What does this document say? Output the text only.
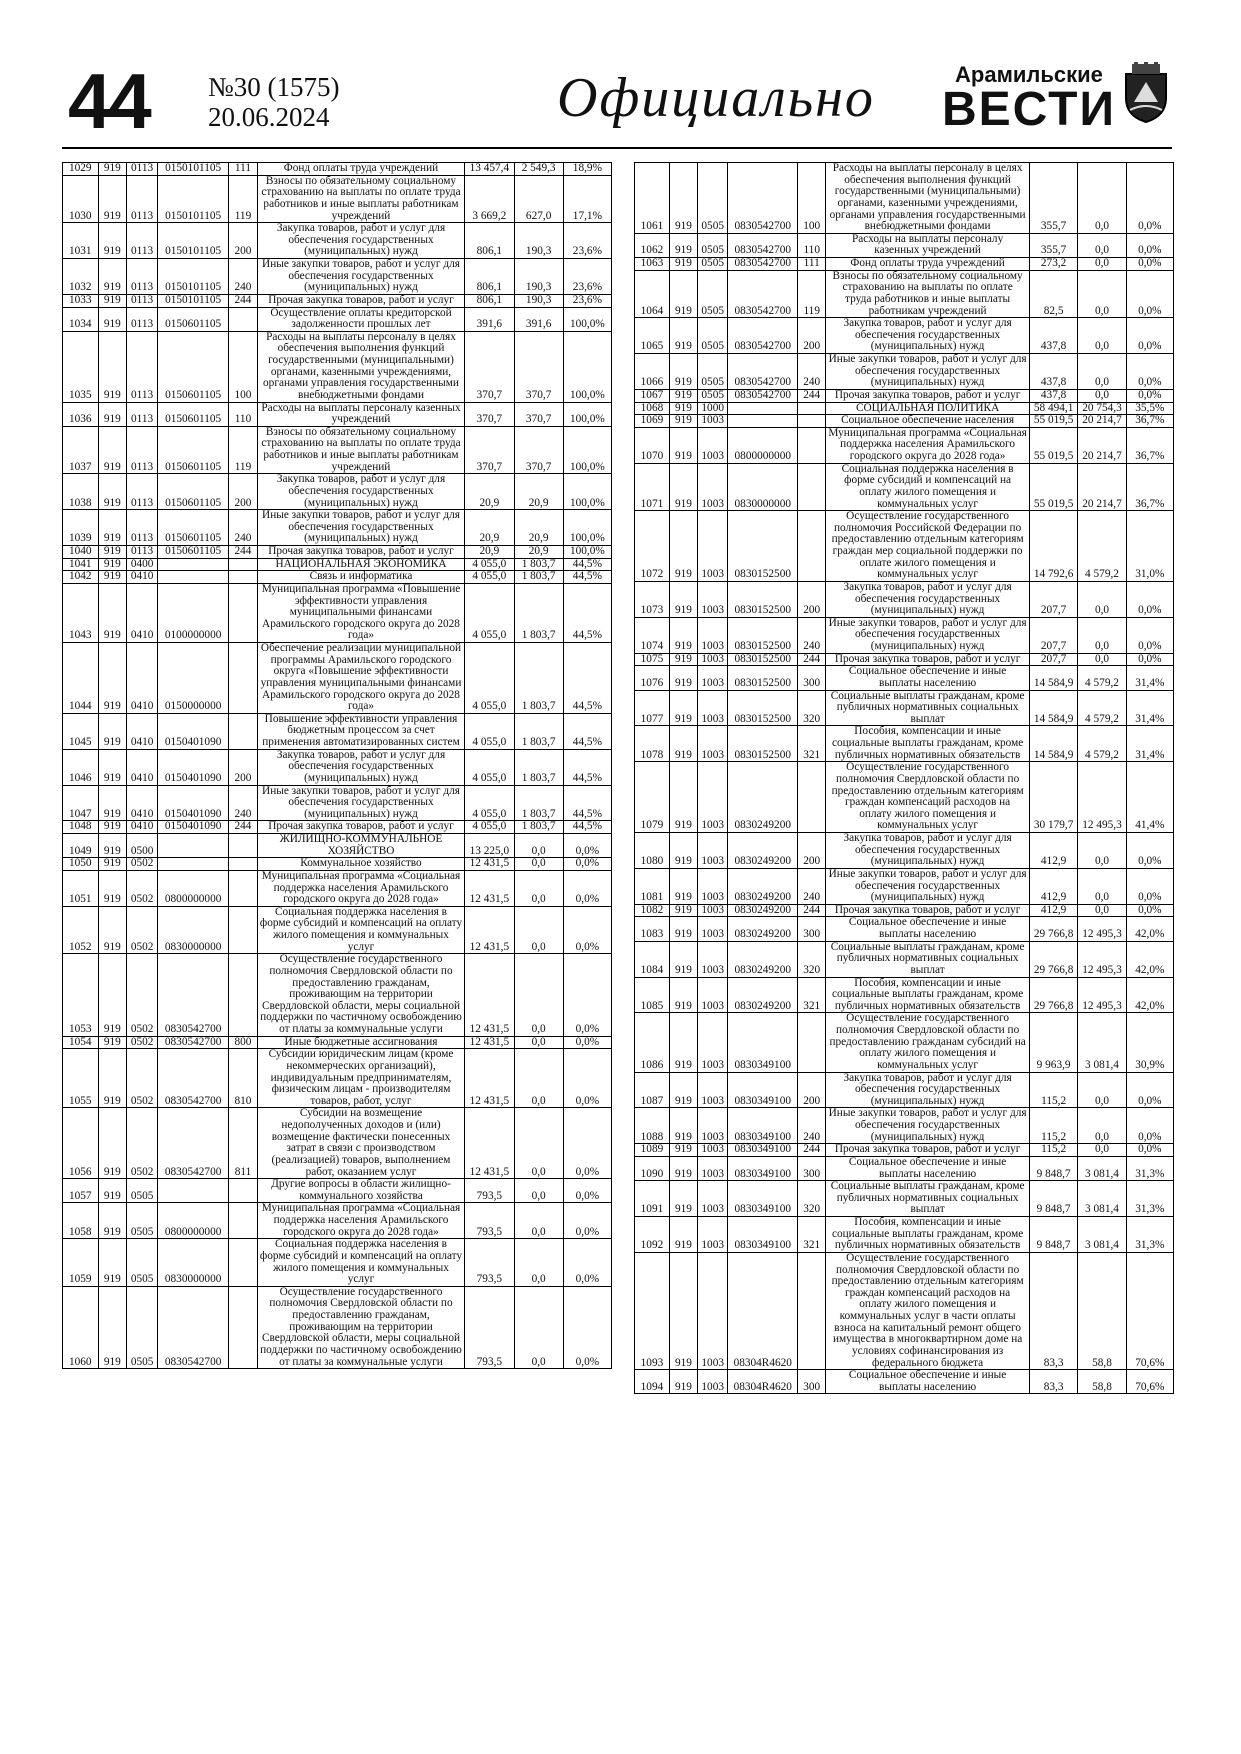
44 №30 (1575)
20.06.2024	Официально	Арамильские
ВЕСТИ
1029	919	0113	0150101105	111	Фонд оплаты труда учреждений	13 457,4	2 549,3	18,9%
1030	919	0113	0150101105	119	Взносы по обязательному социальному страхованию на выплаты по оплате труда работников и иные выплаты работникам учреждений	3 669,2	627,0	17,1%
1031	919	0113	0150101105	200	Закупка товаров, работ и услуг для обеспечения государственных (муниципальных) нужд	806,1	190,3	23,6%
1032	919	0113	0150101105	240	Иные закупки товаров, работ и услуг для обеспечения государственных (муниципальных) нужд	806,1	190,3	23,6%
1033	919	0113	0150101105	244	Прочая закупка товаров, работ и услуг	806,1	190,3	23,6%
1034	919	0113	0150601105		Осуществление оплаты кредиторской задолженности прошлых лет	391,6	391,6	100,0%
1035	919	0113	0150601105	100	Расходы на выплаты персоналу в целях обеспечения выполнения функций государственными (муниципальными) органами, казенными учреждениями, органами управления государственными внебюджетными фондами	370,7	370,7	100,0%
1036	919	0113	0150601105	110	Расходы на выплаты персоналу казенных учреждений	370,7	370,7	100,0%
1037	919	0113	0150601105	119	Взносы по обязательному социальному страхованию на выплаты по оплате труда работников и иные выплаты работникам учреждений	370,7	370,7	100,0%
1038	919	0113	0150601105	200	Закупка товаров, работ и услуг для обеспечения государственных (муниципальных) нужд	20,9	20,9	100,0%
1039	919	0113	0150601105	240	Иные закупки товаров, работ и услуг для обеспечения государственных (муниципальных) нужд	20,9	20,9	100,0%
1040	919	0113	0150601105	244	Прочая закупка товаров, работ и услуг	20,9	20,9	100,0%
1041	919	0400			НАЦИОНАЛЬНАЯ ЭКОНОМИКА	4 055,0	1 803,7	44,5%
1042	919	0410			Связь и информатика	4 055,0	1 803,7	44,5%
1043	919	0410	0100000000		Муниципальная программа «Повышение эффективности управления муниципальными финансами Арамильского городского округа до 2028 года»	4 055,0	1 803,7	44,5%
1044	919	0410	0150000000		Обеспечение реализации муниципальной программы Арамильского городского округа «Повышение эффективности управления муниципальными финансами Арамильского городского округа до 2028 года»	4 055,0	1 803,7	44,5%
1045	919	0410	0150401090		Повышение эффективности управления бюджетным процессом за счет применения автоматизированных систем	4 055,0	1 803,7	44,5%
1046	919	0410	0150401090	200	Закупка товаров, работ и услуг для обеспечения государственных (муниципальных) нужд	4 055,0	1 803,7	44,5%
1047	919	0410	0150401090	240	Иные закупки товаров, работ и услуг для обеспечения государственных (муниципальных) нужд	4 055,0	1 803,7	44,5%
1048	919	0410	0150401090	244	Прочая закупка товаров, работ и услуг	4 055,0	1 803,7	44,5%
1049	919	0500			ЖИЛИЩНО-КОММУНАЛЬНОЕ ХОЗЯЙСТВО	13 225,0	0,0	0,0%
1050	919	0502			Коммунальное хозяйство	12 431,5	0,0	0,0%
1051	919	0502	0800000000		Муниципальная программа «Социальная поддержка населения Арамильского городского округа до 2028 года»	12 431,5	0,0	0,0%
1052	919	0502	0830000000		Социальная поддержка населения в форме субсидий и компенсаций на оплату жилого помещения и коммунальных услуг	12 431,5	0,0	0,0%
1053	919	0502	0830542700		Осуществление государственного полномочия Свердловской области по предоставлению гражданам, проживающим на территории Свердловской области, меры социальной поддержки по частичному освобождению от платы за коммунальные услуги	12 431,5	0,0	0,0%
1054	919	0502	0830542700	800	Иные бюджетные ассигнования	12 431,5	0,0	0,0%
1055	919	0502	0830542700	810	Субсидии юридическим лицам (кроме некоммерческих организаций), индивидуальным предпринимателям, физическим лицам - производителям товаров, работ, услуг	12 431,5	0,0	0,0%
1056	919	0502	0830542700	811	Субсидии на возмещение недополученных доходов и (или) возмещение фактически понесенных затрат в связи с производством (реализацией) товаров, выполнением работ, оказанием услуг	12 431,5	0,0	0,0%
1057	919	0505			Другие вопросы в области жилищно-коммунального хозяйства	793,5	0,0	0,0%
1058	919	0505	0800000000		Муниципальная программа «Социальная поддержка населения Арамильского городского округа до 2028 года»	793,5	0,0	0,0%
1059	919	0505	0830000000		Социальная поддержка населения в форме субсидий и компенсаций на оплату жилого помещения и коммунальных услуг	793,5	0,0	0,0%
1060	919	0505	0830542700		Осуществление государственного полномочия Свердловской области по предоставлению гражданам, проживающим на территории Свердловской области, меры социальной поддержки по частичному освобождению от платы за коммунальные услуги	793,5	0,0	0,0%
1061	919	0505	0830542700	100	Расходы на выплаты персоналу в целях обеспечения выполнения функций государственными (муниципальными) органами, казенными учреждениями, органами управления государственными внебюджетными фондами	355,7	0,0	0,0%
1062	919	0505	0830542700	110	Расходы на выплаты персоналу казенных учреждений	355,7	0,0	0,0%
1063	919	0505	0830542700	111	Фонд оплаты труда учреждений	273,2	0,0	0,0%
1064	919	0505	0830542700	119	Взносы по обязательному социальному страхованию на выплаты по оплате труда работников и иные выплаты работникам учреждений	82,5	0,0	0,0%
1065	919	0505	0830542700	200	Закупка товаров, работ и услуг для обеспечения государственных (муниципальных) нужд	437,8	0,0	0,0%
1066	919	0505	0830542700	240	Иные закупки товаров, работ и услуг для обеспечения государственных (муниципальных) нужд	437,8	0,0	0,0%
1067	919	0505	0830542700	244	Прочая закупка товаров, работ и услуг	437,8	0,0	0,0%
1068	919	1000			СОЦИАЛЬНАЯ ПОЛИТИКА	58 494,1	20 754,3	35,5%
1069	919	1003			Социальное обеспечение населения	55 019,5	20 214,7	36,7%
1070	919	1003	0800000000		Муниципальная программа «Социальная поддержка населения Арамильского городского округа до 2028 года»	55 019,5	20 214,7	36,7%
1071	919	1003	0830000000		Социальная поддержка населения в форме субсидий и компенсаций на оплату жилого помещения и коммунальных услуг	55 019,5	20 214,7	36,7%
1072	919	1003	0830152500		Осуществление государственного полномочия Российской Федерации по предоставлению отдельным категориям граждан мер социальной поддержки по оплате жилого помещения и коммунальных услуг	14 792,6	4 579,2	31,0%
1073	919	1003	0830152500	200	Закупка товаров, работ и услуг для обеспечения государственных (муниципальных) нужд	207,7	0,0	0,0%
1074	919	1003	0830152500	240	Иные закупки товаров, работ и услуг для обеспечения государственных (муниципальных) нужд	207,7	0,0	0,0%
1075	919	1003	0830152500	244	Прочая закупка товаров, работ и услуг	207,7	0,0	0,0%
1076	919	1003	0830152500	300	Социальное обеспечение и иные выплаты населению	14 584,9	4 579,2	31,4%
1077	919	1003	0830152500	320	Социальные выплаты гражданам, кроме публичных нормативных социальных выплат	14 584,9	4 579,2	31,4%
1078	919	1003	0830152500	321	Пособия, компенсации и иные социальные выплаты гражданам, кроме публичных нормативных обязательств	14 584,9	4 579,2	31,4%
1079	919	1003	0830249200		Осуществление государственного полномочия Свердловской области по предоставлению отдельным категориям граждан компенсаций расходов на оплату жилого помещения и коммунальных услуг	30 179,7	12 495,3	41,4%
1080	919	1003	0830249200	200	Закупка товаров, работ и услуг для обеспечения государственных (муниципальных) нужд	412,9	0,0	0,0%
1081	919	1003	0830249200	240	Иные закупки товаров, работ и услуг для обеспечения государственных (муниципальных) нужд	412,9	0,0	0,0%
1082	919	1003	0830249200	244	Прочая закупка товаров, работ и услуг	412,9	0,0	0,0%
1083	919	1003	0830249200	300	Социальное обеспечение и иные выплаты населению	29 766,8	12 495,3	42,0%
1084	919	1003	0830249200	320	Социальные выплаты гражданам, кроме публичных нормативных социальных выплат	29 766,8	12 495,3	42,0%
1085	919	1003	0830249200	321	Пособия, компенсации и иные социальные выплаты гражданам, кроме публичных нормативных обязательств	29 766,8	12 495,3	42,0%
1086	919	1003	0830349100		Осуществление государственного полномочия Свердловской области по предоставлению гражданам субсидий на оплату жилого помещения и коммунальных услуг	9 963,9	3 081,4	30,9%
1087	919	1003	0830349100	200	Закупка товаров, работ и услуг для обеспечения государственных (муниципальных) нужд	115,2	0,0	0,0%
1088	919	1003	0830349100	240	Иные закупки товаров, работ и услуг для обеспечения государственных (муниципальных) нужд	115,2	0,0	0,0%
1089	919	1003	0830349100	244	Прочая закупка товаров, работ и услуг	115,2	0,0	0,0%
1090	919	1003	0830349100	300	Социальное обеспечение и иные выплаты населению	9 848,7	3 081,4	31,3%
1091	919	1003	0830349100	320	Социальные выплаты гражданам, кроме публичных нормативных социальных выплат	9 848,7	3 081,4	31,3%
1092	919	1003	0830349100	321	Пособия, компенсации и иные социальные выплаты гражданам, кроме публичных нормативных обязательств	9 848,7	3 081,4	31,3%
1093	919	1003	08304R4620		Осуществление государственного полномочия Свердловской области по предоставлению отдельным категориям граждан компенсаций расходов на оплату жилого помещения и коммунальных услуг в части оплаты взноса на капитальный ремонт общего имущества в многоквартирном доме на условиях софинансирования из федерального бюджета	83,3	58,8	70,6%
1094	919	1003	08304R4620	300	Социальное обеспечение и иные выплаты населению	83,3	58,8	70,6%
